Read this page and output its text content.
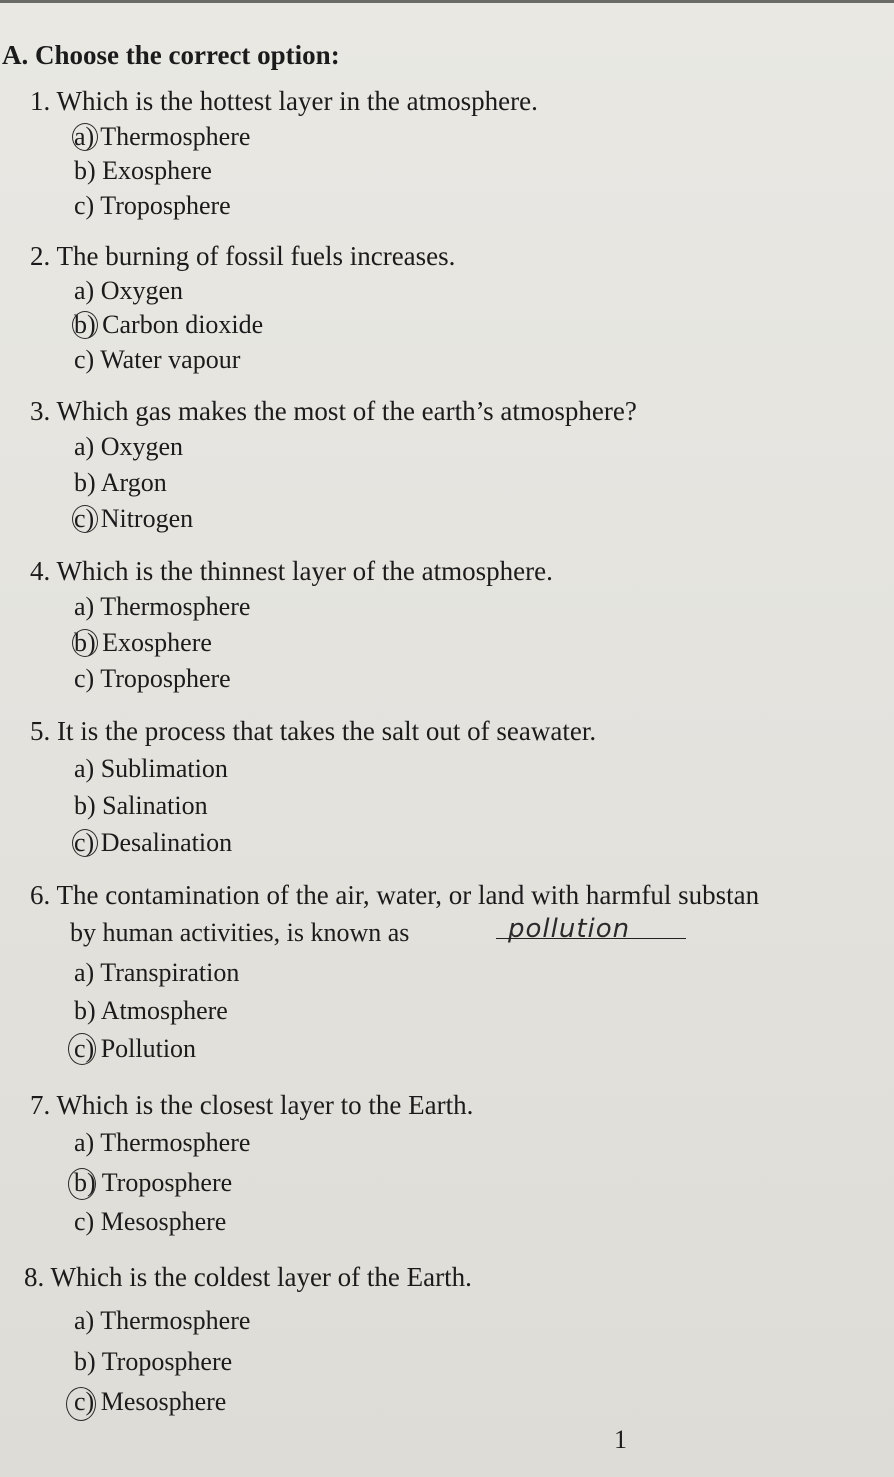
A. Choose the correct option:
1. Which is the hottest layer in the atmosphere.
a) Thermosphere
b) Exosphere
c) Troposphere
2. The burning of fossil fuels increases.
a) Oxygen
b) Carbon dioxide
c) Water vapour
3. Which gas makes the most of the earth’s atmosphere?
a) Oxygen
b) Argon
c) Nitrogen
4. Which is the thinnest layer of the atmosphere.
a) Thermosphere
b) Exosphere
c) Troposphere
5. It is the process that takes the salt out of seawater.
a) Sublimation
b) Salination
c) Desalination
6. The contamination of the air, water, or land with harmful substan
by human activities, is known as	pollution
a) Transpiration
b) Atmosphere
c) Pollution
7. Which is the closest layer to the Earth.
a) Thermosphere
b) Troposphere
c) Mesosphere
8. Which is the coldest layer of the Earth.
a) Thermosphere
b) Troposphere
c) Mesosphere
1
